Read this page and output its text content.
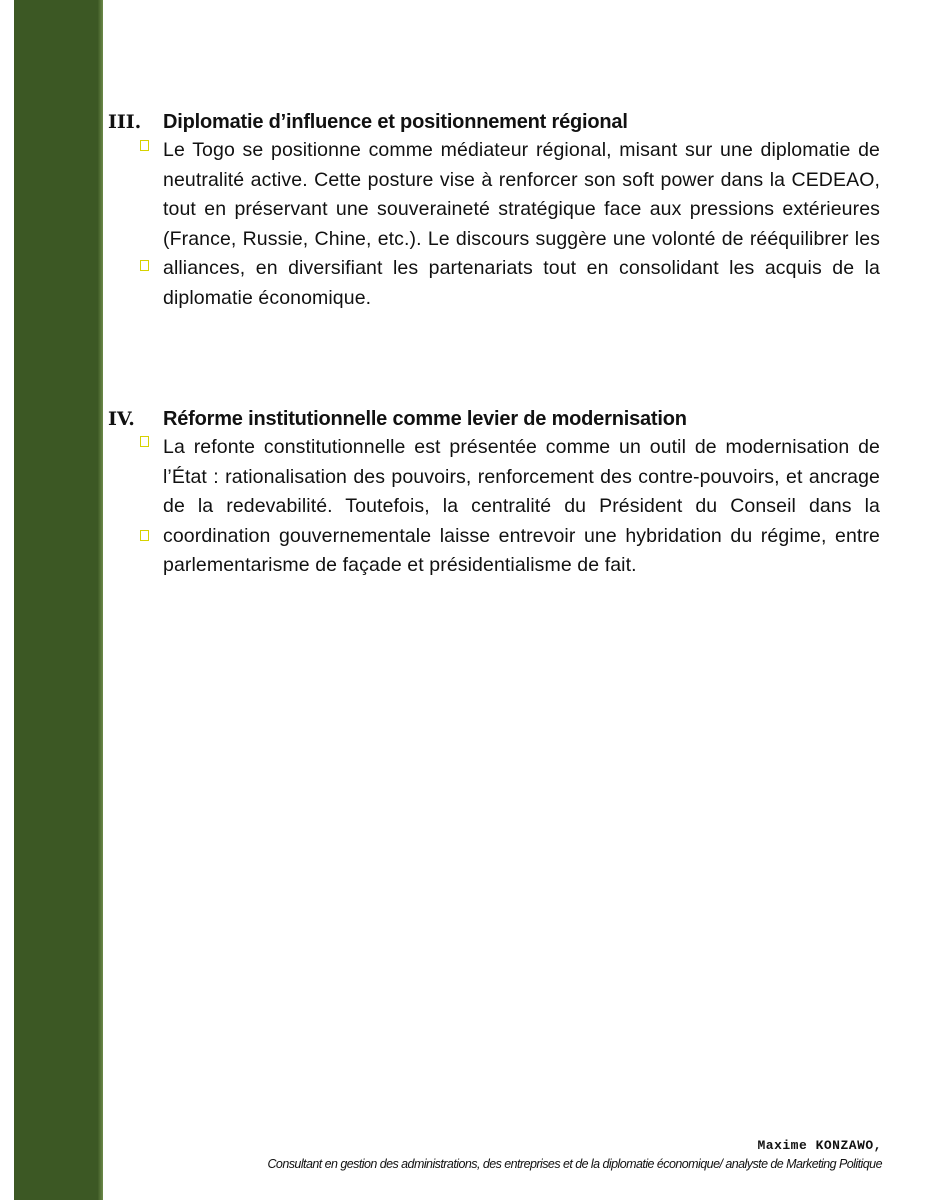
III. Diplomatie d’influence et positionnement régional
Le Togo se positionne comme médiateur régional, misant sur une diplomatie de neutralité active. Cette posture vise à renforcer son soft power dans la CEDEAO, tout en préservant une souveraineté stratégique face aux pressions extérieures (France, Russie, Chine, etc.). Le discours suggère une volonté de rééquilibrer les alliances, en diversifiant les partenariats tout en consolidant les acquis de la diplomatie économique.
IV. Réforme institutionnelle comme levier de modernisation
La refonte constitutionnelle est présentée comme un outil de modernisation de l’État : rationalisation des pouvoirs, renforcement des contre-pouvoirs, et ancrage de la redevabilité. Toutefois, la centralité du Président du Conseil dans la coordination gouvernementale laisse entrevoir une hybridation du régime, entre parlementarisme de façade et présidentialisme de fait.
Maxime KONZAWO,
Consultant en gestion des administrations, des entreprises et de la diplomatie économique/ analyste de Marketing Politique
